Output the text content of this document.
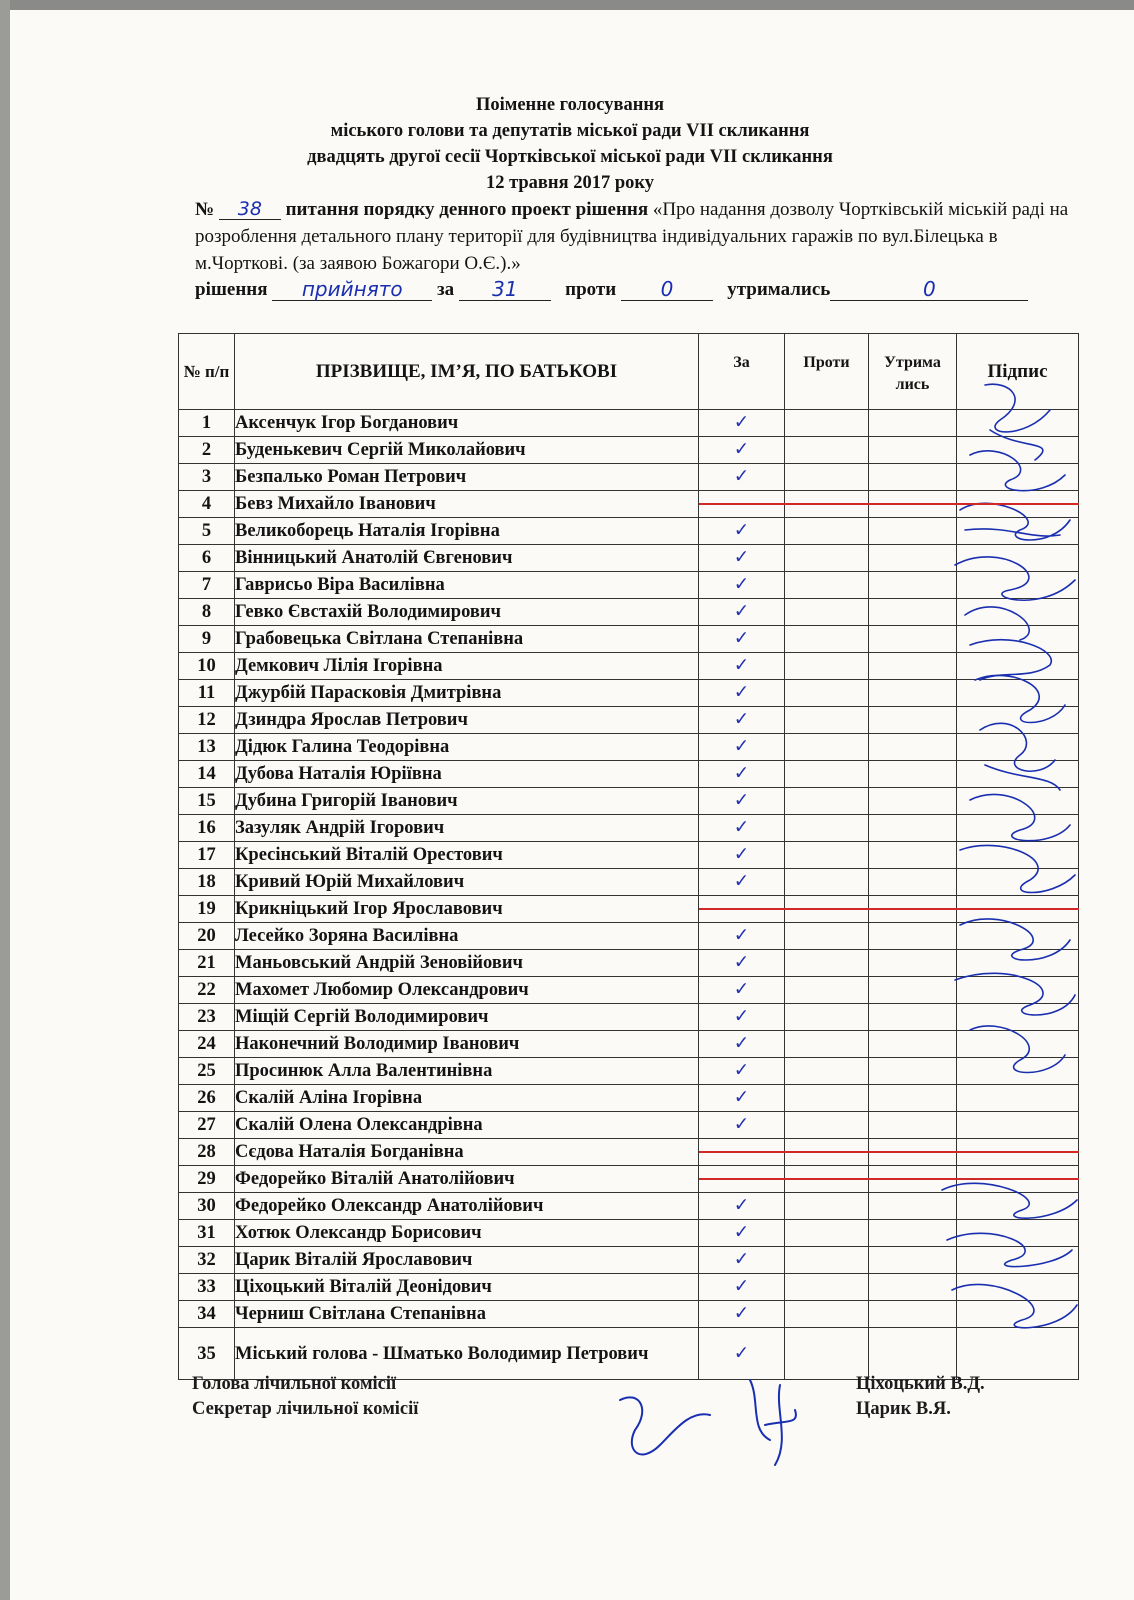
Поіменне голосування
міського голови та депутатів міської ради VII скликання
двадцять другої сесії Чортківської міської ради VII скликання
12 травня 2017 року
№ 38 питання порядку денного проект рішення «Про надання дозволу Чортківській міській раді на розроблення детального плану території для будівництва індивідуальних гаражів по вул.Білецька в м.Чорткові. (за заявою Божагори О.Є.).»
рішення прийнято за 31	проти 0	утримались	0
№ п/п	ПРІЗВИЩЕ, ІМ’Я, ПО БАТЬКОВІ	За	Проти	Утрима лись	Підпис
1	Аксенчук Ігор Богданович	✓			
2	Буденькевич Сергій Миколайович	✓			
3	Безпалько Роман Петрович	✓			
4	Бевз Михайло Іванович				
5	Великоборець Наталія Ігорівна	✓			
6	Вінницький Анатолій Євгенович	✓			
7	Гаврисьо Віра Василівна	✓			
8	Гевко Євстахій Володимирович	✓			
9	Грабовецька Світлана Степанівна	✓			
10	Демкович Лілія Ігорівна	✓			
11	Джурбій Парасковія Дмитрівна	✓			
12	Дзиндра Ярослав Петрович	✓			
13	Дідюк Галина Теодорівна	✓			
14	Дубова Наталія Юріївна	✓			
15	Дубина Григорій Іванович	✓			
16	Зазуляк Андрій Ігорович	✓			
17	Кресінський Віталій Орестович	✓			
18	Кривий Юрій Михайлович	✓			
19	Крикніцький Ігор Ярославович				
20	Лесейко Зоряна Василівна	✓			
21	Маньовський Андрій Зеновійович	✓			
22	Махомет Любомир Олександрович	✓			
23	Міщій Сергій Володимирович	✓			
24	Наконечний Володимир Іванович	✓			
25	Просинюк Алла Валентинівна	✓			
26	Скалій Аліна Ігорівна	✓			
27	Скалій Олена Олександрівна	✓			
28	Сєдова Наталія Богданівна				
29	Федорейко Віталій Анатолійович				
30	Федорейко Олександр Анатолійович	✓			
31	Хотюк Олександр Борисович	✓			
32	Царик Віталій Ярославович	✓			
33	Ціхоцький Віталій Деонідович	✓			
34	Черниш Світлана Степанівна	✓			
35	Міський голова - Шматько Володимир Петрович	✓			
Голова лічильної комісії	Ціхоцький В.Д.
Секретар лічильної комісії	Царик В.Я.
